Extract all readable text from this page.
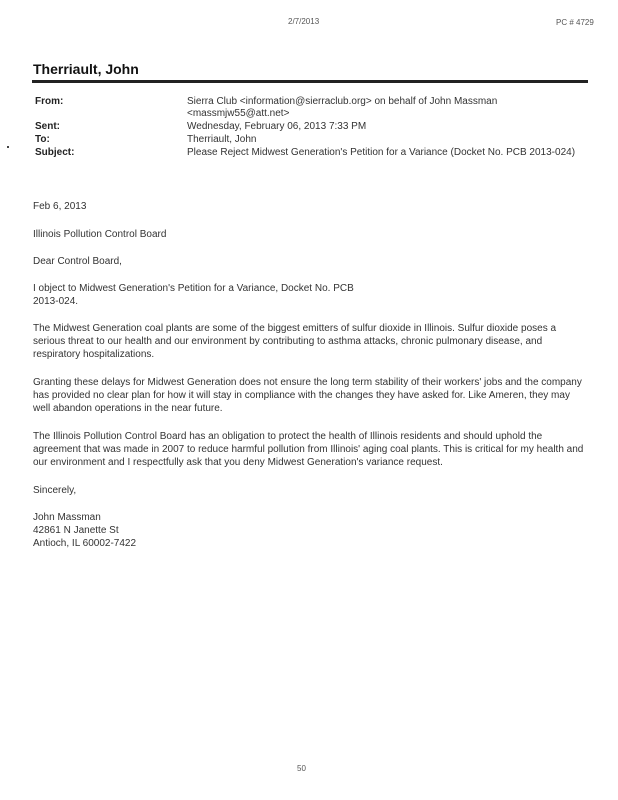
2/7/2013	PC # 4729
Therriault, John
From:	Sierra Club <information@sierraclub.org> on behalf of John Massman <massmjw55@att.net>
Sent:	Wednesday, February 06, 2013 7:33 PM
To:	Therriault, John
Subject:	Please Reject Midwest Generation's Petition for a Variance (Docket No. PCB 2013-024)
Feb 6, 2013
Illinois Pollution Control Board
Dear Control Board,
I object to Midwest Generation's Petition for a Variance, Docket No. PCB 2013-024.
The Midwest Generation coal plants are some of the biggest emitters of sulfur dioxide in Illinois. Sulfur dioxide poses a serious threat to our health and our environment by contributing to asthma attacks, chronic pulmonary disease, and respiratory hospitalizations.
Granting these delays for Midwest Generation does not ensure the long term stability of their workers' jobs and the company has provided no clear plan for how it will stay in compliance with the changes they have asked for. Like Ameren, they may well abandon operations in the near future.
The Illinois Pollution Control Board has an obligation to protect the health of Illinois residents and should uphold the agreement that was made in 2007 to reduce harmful pollution from Illinois' aging coal plants. This is critical for my health and our environment and I respectfully ask that you deny Midwest Generation's variance request.
Sincerely,
John Massman
42861 N Janette St
Antioch, IL 60002-7422
50
